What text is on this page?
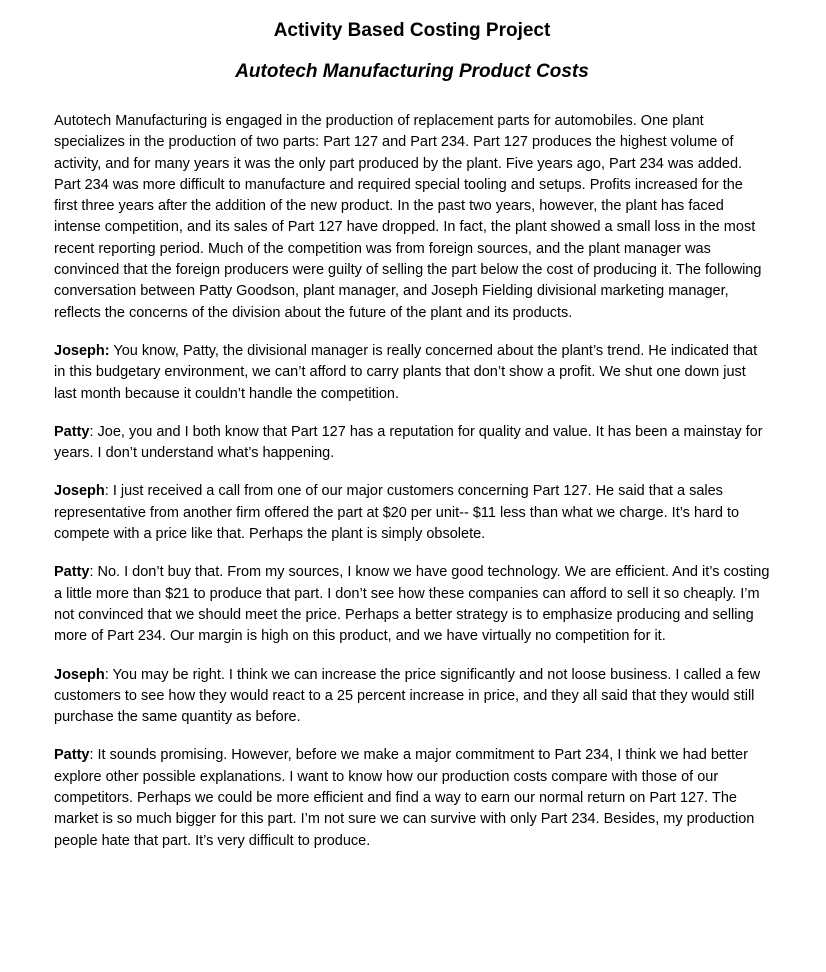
Activity Based Costing Project
Autotech Manufacturing Product Costs

Autotech Manufacturing is engaged in the production of replacement parts for automobiles. One plant specializes in the production of two parts: Part 127 and Part 234. Part 127 produces the highest volume of activity, and for many years it was the only part produced by the plant. Five years ago, Part 234 was added. Part 234 was more difficult to manufacture and required special tooling and setups. Profits increased for the first three years after the addition of the new product. In the past two years, however, the plant has faced intense competition, and its sales of Part 127 have dropped. In fact, the plant showed a small loss in the most recent reporting period. Much of the competition was from foreign sources, and the plant manager was convinced that the foreign producers were guilty of selling the part below the cost of producing it. The following conversation between Patty Goodson, plant manager, and Joseph Fielding divisional marketing manager, reflects the concerns of the division about the future of the plant and its products.

Joseph: You know, Patty, the divisional manager is really concerned about the plant’s trend. He indicated that in this budgetary environment, we can’t afford to carry plants that don’t show a profit. We shut one down just last month because it couldn’t handle the competition.

Patty: Joe, you and I both know that Part 127 has a reputation for quality and value. It has been a mainstay for years. I don’t understand what’s happening.

Joseph: I just received a call from one of our major customers concerning Part 127. He said that a sales representative from another firm offered the part at $20 per unit-- $11 less than what we charge. It’s hard to compete with a price like that. Perhaps the plant is simply obsolete.

Patty: No. I don’t buy that. From my sources, I know we have good technology. We are efficient. And it’s costing a little more than $21 to produce that part. I don’t see how these companies can afford to sell it so cheaply. I’m not convinced that we should meet the price. Perhaps a better strategy is to emphasize producing and selling more of Part 234. Our margin is high on this product, and we have virtually no competition for it.

Joseph: You may be right. I think we can increase the price significantly and not loose business. I called a few customers to see how they would react to a 25 percent increase in price, and they all said that they would still purchase the same quantity as before.

Patty: It sounds promising. However, before we make a major commitment to Part 234, I think we had better explore other possible explanations. I want to know how our production costs compare with those of our competitors. Perhaps we could be more efficient and find a way to earn our normal return on Part 127. The market is so much bigger for this part. I’m not sure we can survive with only Part 234. Besides, my production people hate that part. It’s very difficult to produce.
